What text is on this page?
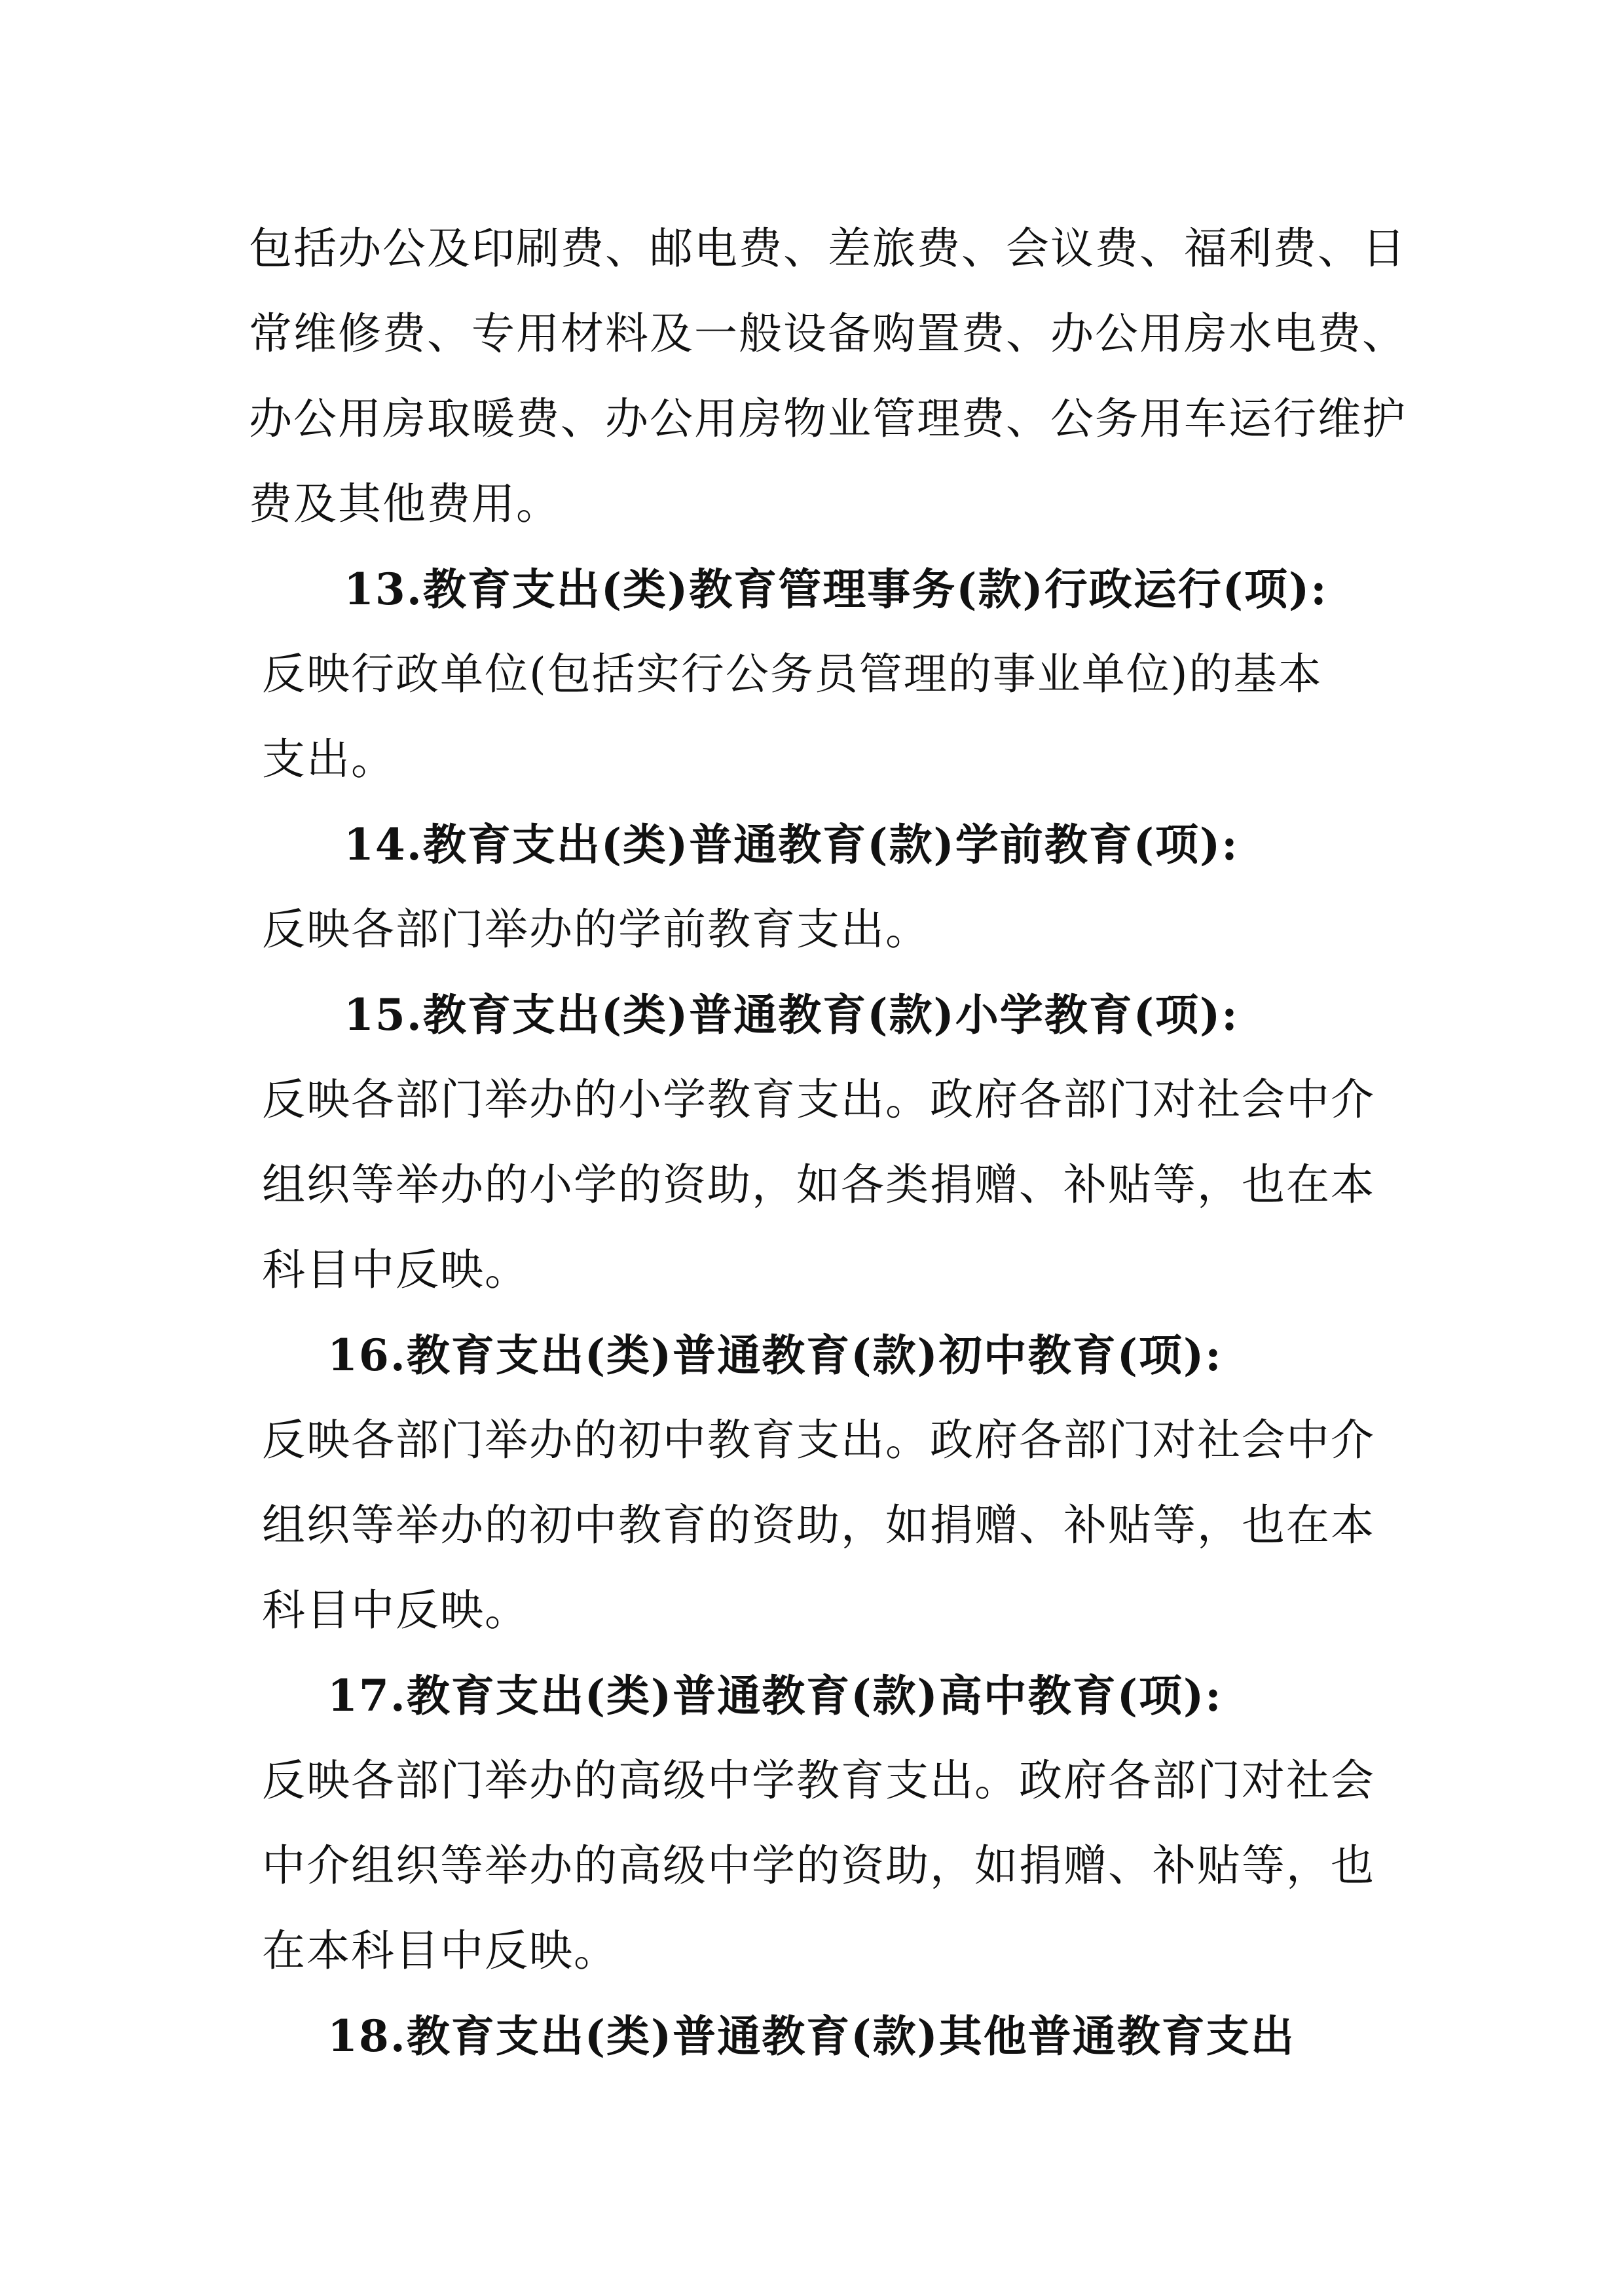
包括办公及印刷费、邮电费、差旅费、会议费、福利费、日
常维修费、专用材料及一般设备购置费、办公用房水电费、
办公用房取暖费、办公用房物业管理费、公务用车运行维护
费及其他费用。
13.教育支出(类)教育管理事务(款)行政运行(项):
反映行政单位(包括实行公务员管理的事业单位)的基本
支出。
14.教育支出(类)普通教育(款)学前教育(项):
反映各部门举办的学前教育支出。
15.教育支出(类)普通教育(款)小学教育(项):
反映各部门举办的小学教育支出。政府各部门对社会中介
组织等举办的小学的资助，如各类捐赠、补贴等，也在本
科目中反映。
16.教育支出(类)普通教育(款)初中教育(项):
反映各部门举办的初中教育支出。政府各部门对社会中介
组织等举办的初中教育的资助，如捐赠、补贴等，也在本
科目中反映。
17.教育支出(类)普通教育(款)高中教育(项):
反映各部门举办的高级中学教育支出。政府各部门对社会
中介组织等举办的高级中学的资助，如捐赠、补贴等，也
在本科目中反映。
18.教育支出(类)普通教育(款)其他普通教育支出
